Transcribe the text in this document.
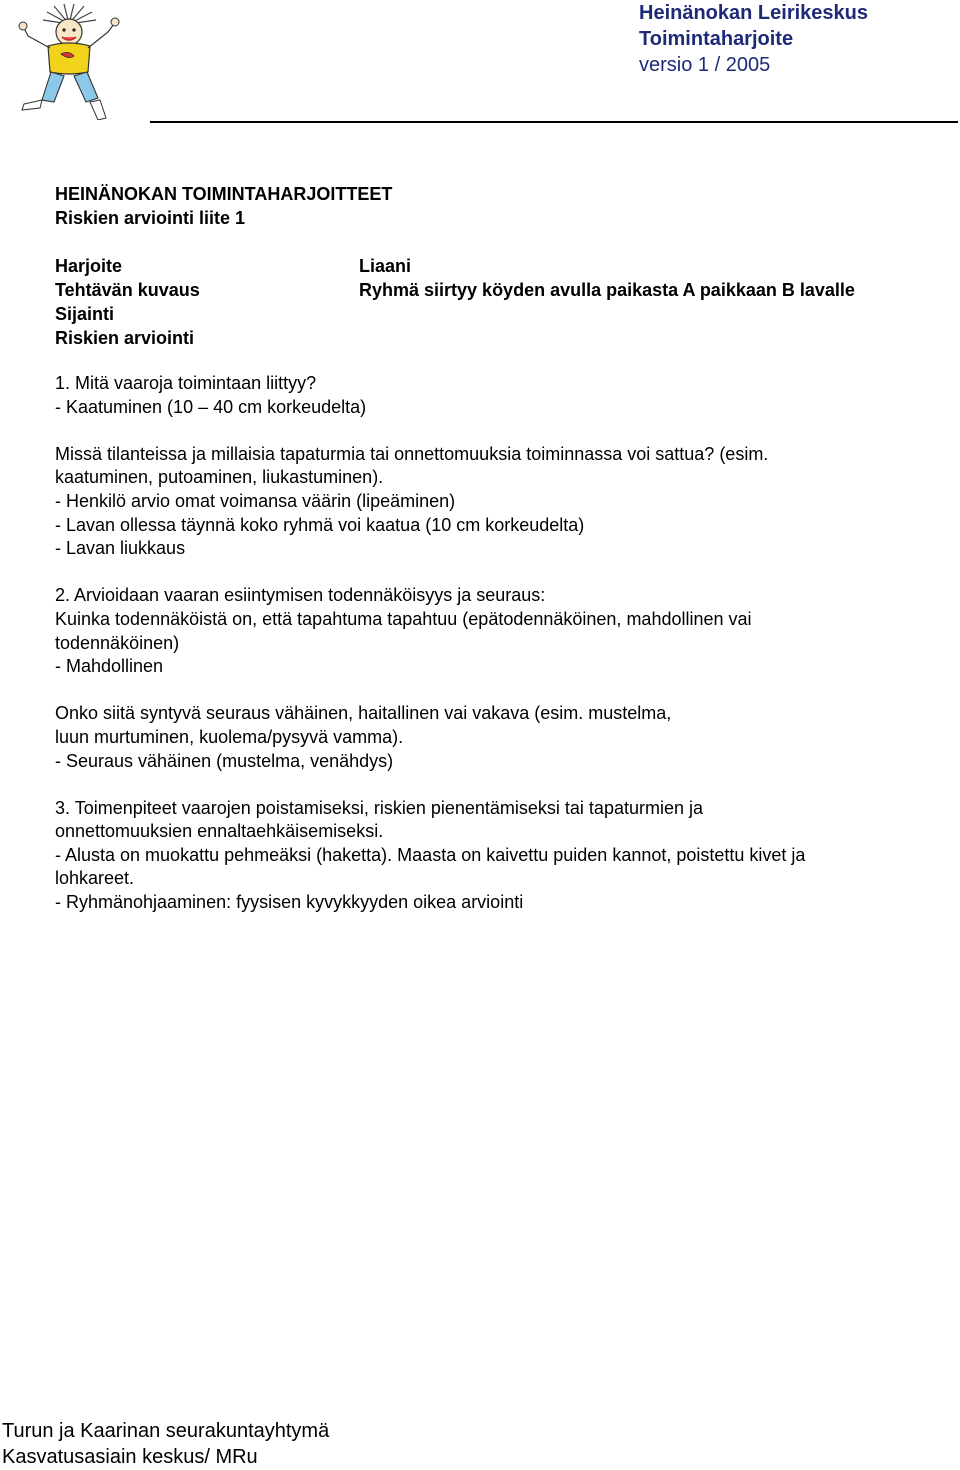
Heinänokan Leirikeskus
Toimintaharjoite
versio 1 / 2005
HEINÄNOKAN TOIMINTAHARJOITTEET
Riskien arviointi liite 1
Harjoite
Tehtävän kuvaus
Sijainti
Riskien arviointi
Liaani
Ryhmä siirtyy köyden avulla paikasta A paikkaan B lavalle

1. Mitä vaaroja toimintaan liittyy?

- Kaatuminen (10 – 40 cm korkeudelta)

Missä tilanteissa ja millaisia tapaturmia tai onnettomuuksia toiminnassa voi sattua? (esim.

kaatuminen, putoaminen, liukastuminen).

- Henkilö arvio omat voimansa väärin (lipeäminen)

- Lavan ollessa täynnä koko ryhmä voi kaatua (10 cm korkeudelta)

- Lavan liukkaus

2. Arvioidaan vaaran esiintymisen todennäköisyys ja seuraus:

Kuinka todennäköistä on, että tapahtuma tapahtuu (epätodennäköinen, mahdollinen vai

todennäköinen)

- Mahdollinen

Onko siitä syntyvä seuraus vähäinen, haitallinen vai vakava (esim. mustelma,

luun murtuminen, kuolema/pysyvä vamma).

- Seuraus vähäinen (mustelma, venähdys)

3. Toimenpiteet vaarojen poistamiseksi, riskien pienentämiseksi tai tapaturmien ja

onnettomuuksien ennaltaehkäisemiseksi.

- Alusta on muokattu pehmeäksi (haketta). Maasta on kaivettu puiden kannot, poistettu kivet ja

lohkareet.

- Ryhmänohjaaminen: fyysisen kyvykkyyden oikea arviointi

Turun ja Kaarinan seurakuntayhtymä
Kasvatusasiain keskus/ MRu
